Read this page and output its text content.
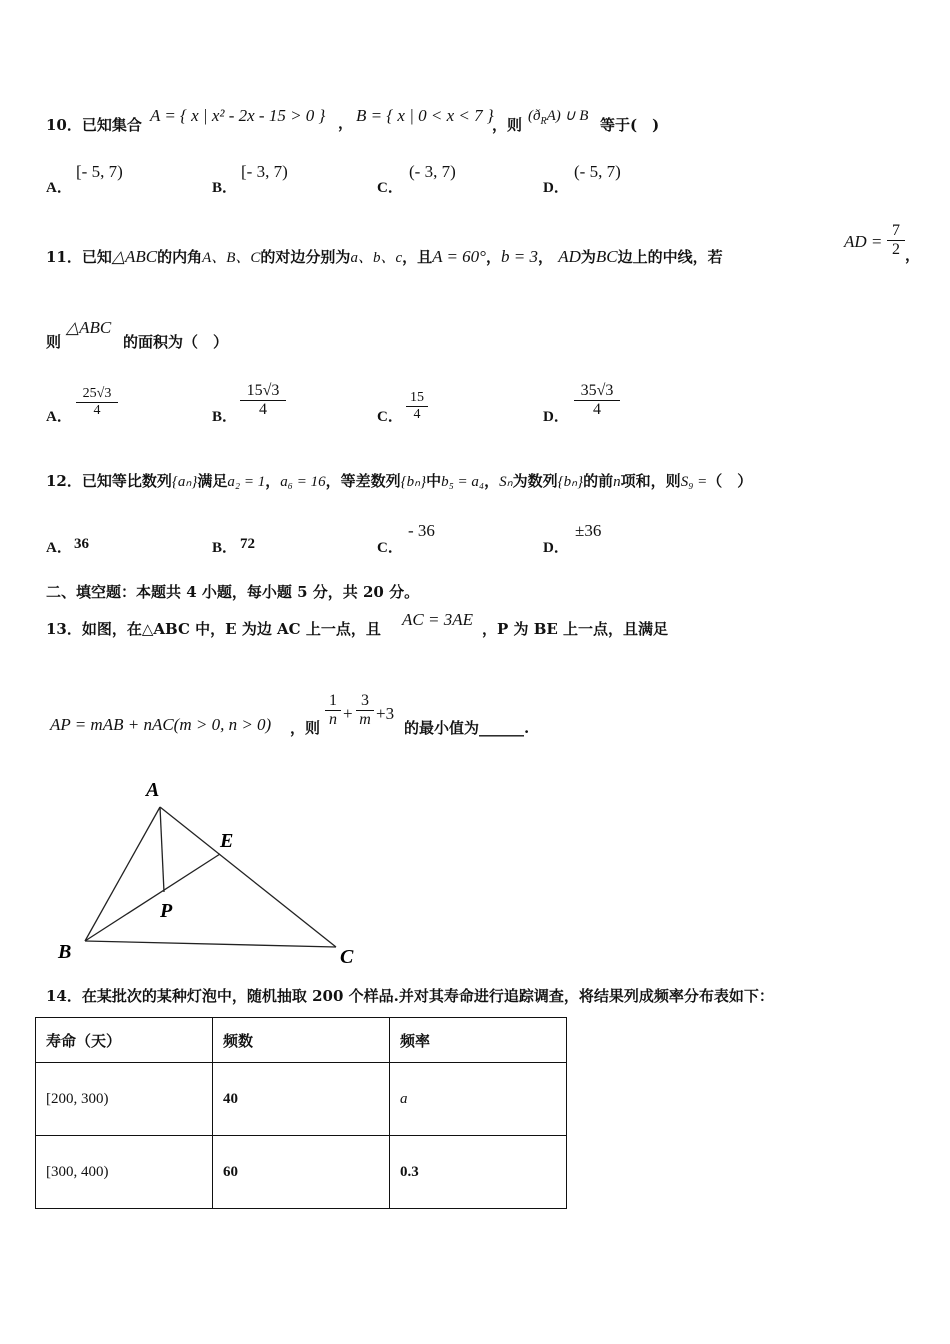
10．已知集合 A = { x | x² - 2x - 15 > 0 } ， B = { x | 0 < x < 7 }
，则 $(ð_RA)$ ∪ B 等于(　)
A．
[- 5, 7)
B．
[- 3, 7)
C．
(- 3, 7)
D．
(- 5, 7)
11．已知△ABC的内角A、B、C的对边分别为a、b、c，且A = 60°，b = 3， AD为BC边上的中线，若
AD = $\frac{7}{2}$ ，
则
△ABC
的面积为（　）
A． $\frac{25√3}{4}$	B． $\frac{15√3}{4}$	C． $\frac{15}{4}$	D． $\frac{35√3}{4}$
12．已知等比数列{aₙ}满足a₂ = 1，a₆ = 16，等差数列{bₙ}中b₅ = a₄，Sₙ为数列{bₙ}的前n项和，则S₉ =（　）
A． 36	B． 72	C．
- 36
D．
±36
二、填空题：本题共 4 小题，每小题 5 分，共 20 分。
13．如图，在△ABC 中，E 为边 AC 上一点，且 AC = 3AE ，P 为 BE 上一点，且满足
AP = mAB + nAC(m > 0, n > 0) ，则 $\frac{1}{n} + \frac{3}{m} +3$
的最小值为______.
A
B	C
E
P
14．在某批次的某种灯泡中，随机抽取 200 个样品.并对其寿命进行追踪调查，将结果列成频率分布表如下：
寿命（天）	频数	频率
[200, 300)	40	a
[300, 400)	60	0.3
